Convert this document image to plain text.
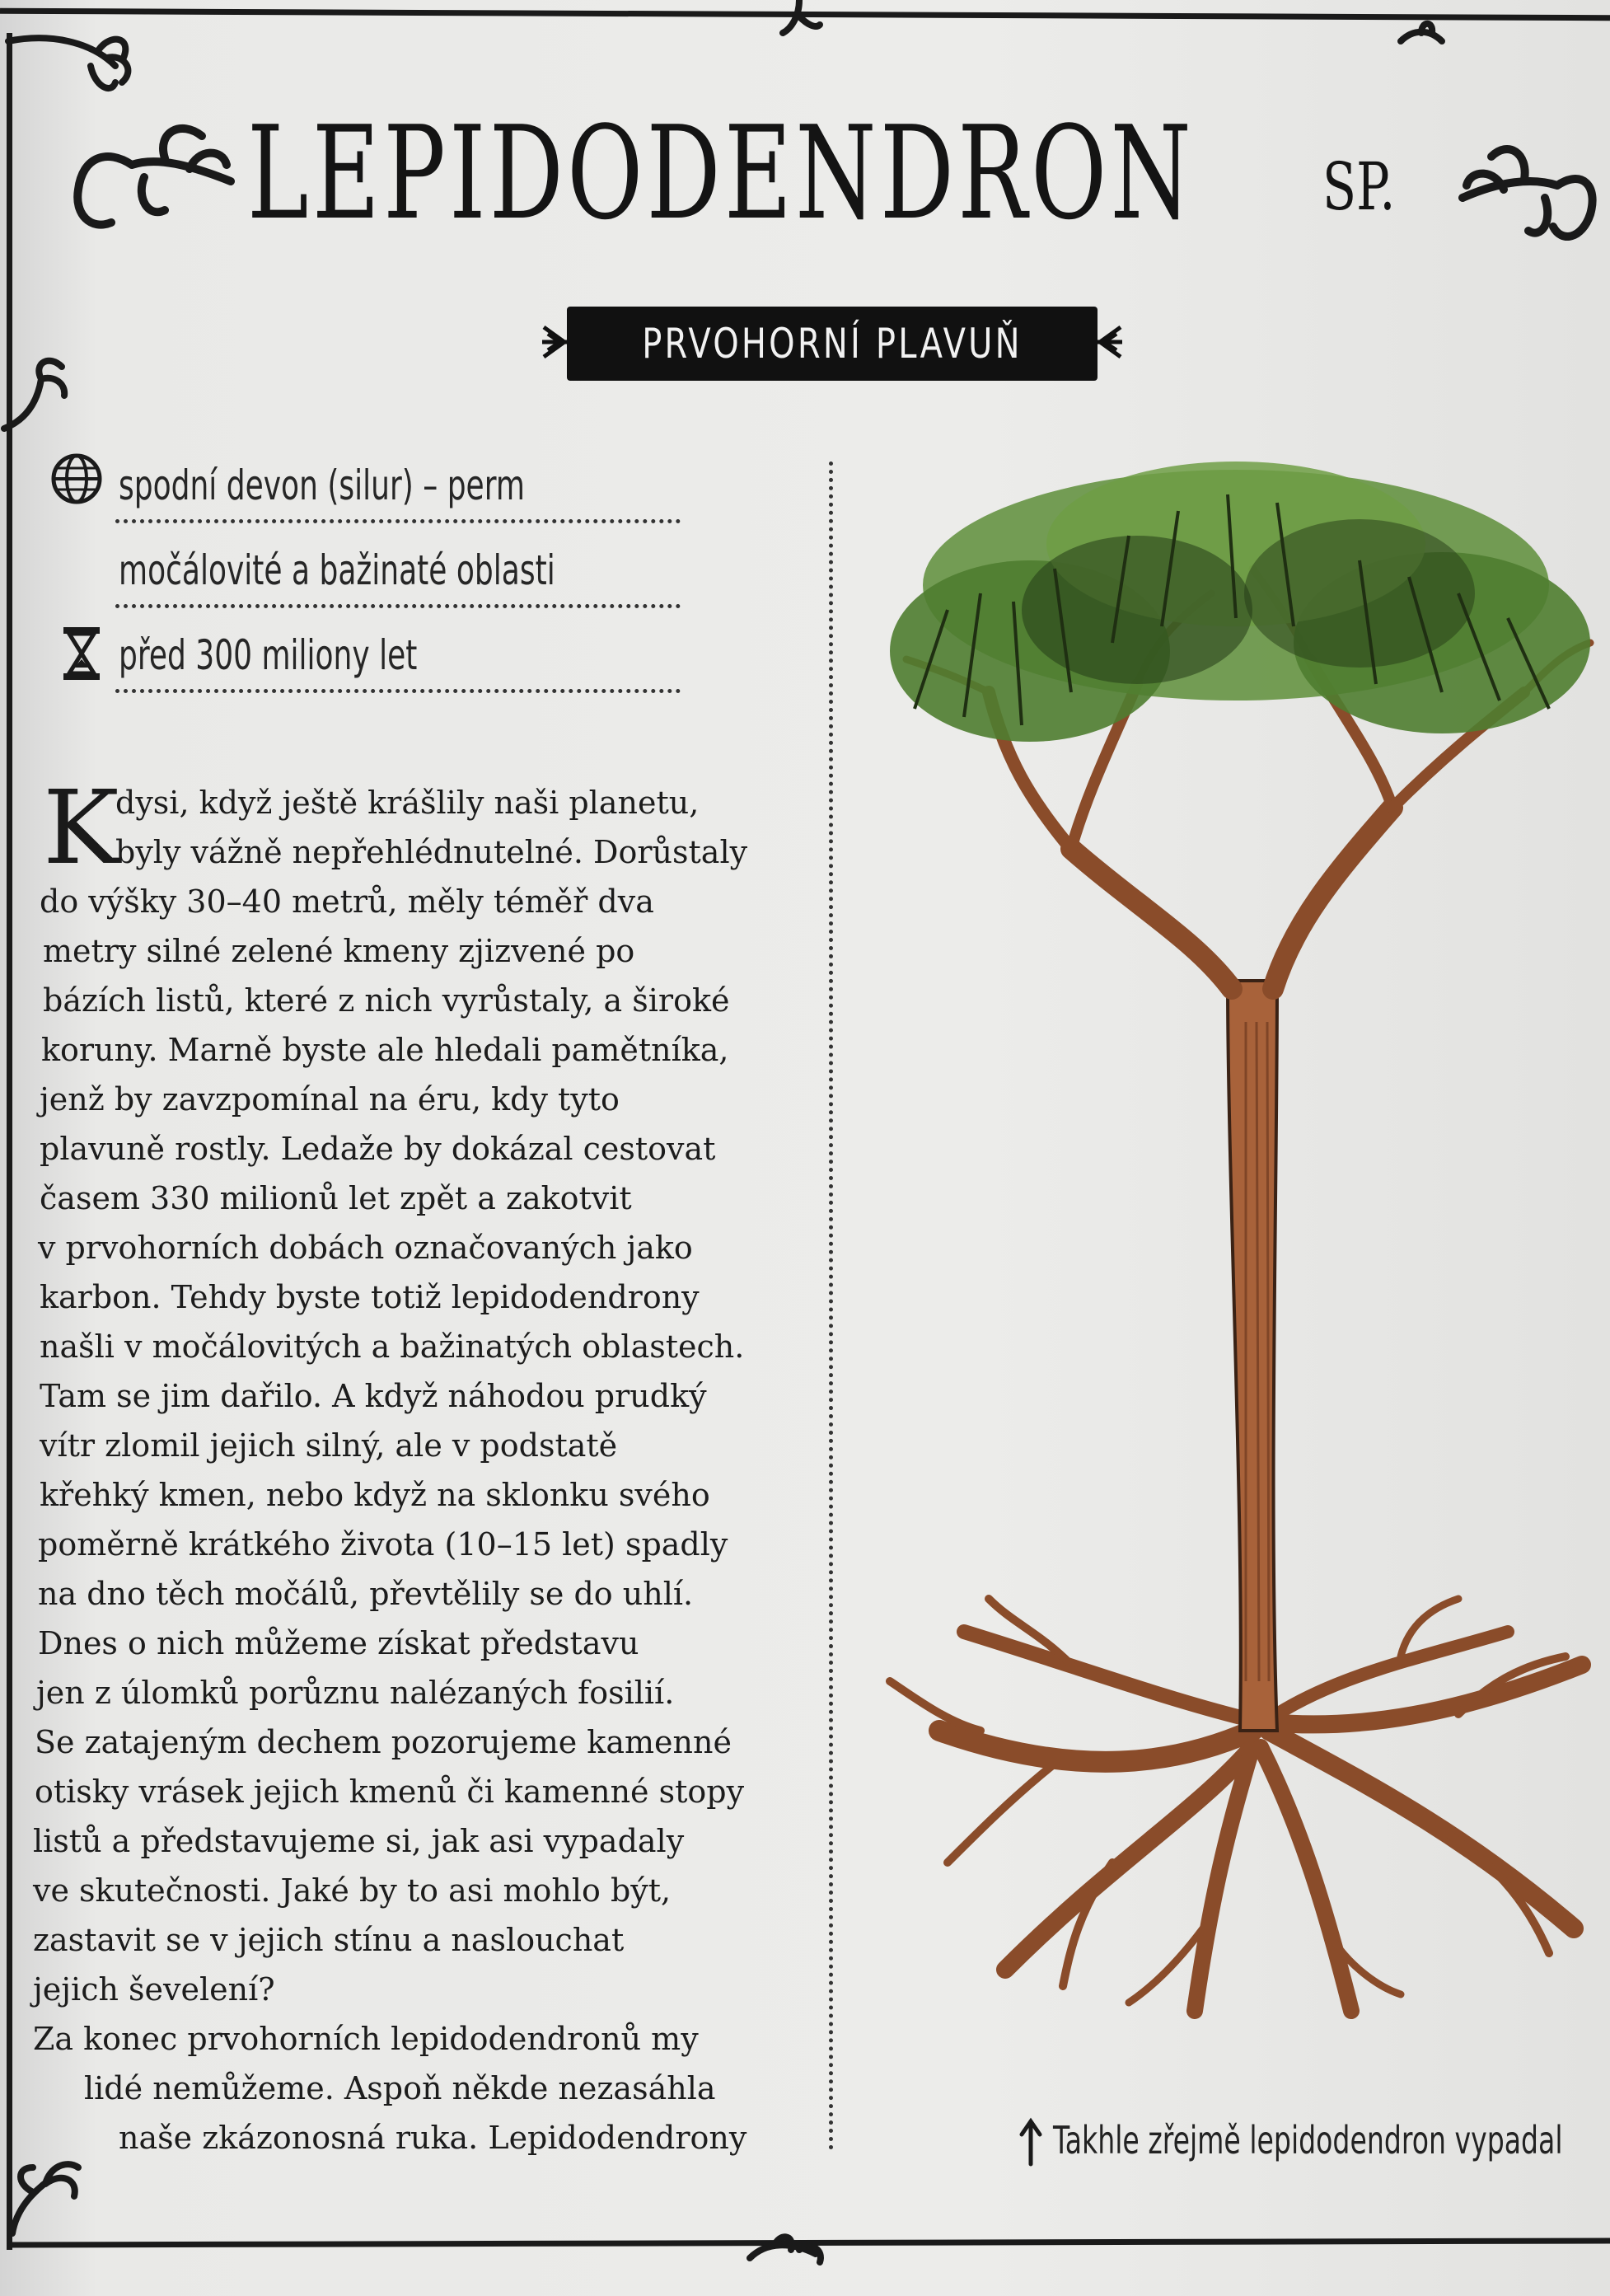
LEPIDODENDRON SP.
PRVOHORNÍ PLAVUŇ
spodní devon (silur) – perm
močálovité a bažinaté oblasti
před 300 miliony let
K
dysi, když ještě krášlily naši planetu,
byly vážně nepřehlédnutelné. Dorůstaly
do výšky 30–40 metrů, měly téměř dva
metry silné zelené kmeny zjizvené po
bázích listů, které z nich vyrůstaly, a široké
koruny. Marně byste ale hledali pamětníka,
jenž by zavzpomínal na éru, kdy tyto
plavuně rostly. Ledaže by dokázal cestovat
časem 330 milionů let zpět a zakotvit
v prvohorních dobách označovaných jako
karbon. Tehdy byste totiž lepidodendrony
našli v močálovitých a bažinatých oblastech.
Tam se jim dařilo. A když náhodou prudký
vítr zlomil jejich silný, ale v podstatě
křehký kmen, nebo když na sklonku svého
poměrně krátkého života (10–15 let) spadly
na dno těch močálů, převtělily se do uhlí.
Dnes o nich můžeme získat představu
jen z úlomků porůznu nalézaných fosilií.
Se zatajeným dechem pozorujeme kamenné
otisky vrásek jejich kmenů či kamenné stopy
listů a představujeme si, jak asi vypadaly
ve skutečnosti. Jaké by to asi mohlo být,
zastavit se v jejich stínu a naslouchat
jejich ševelení?
Za konec prvohorních lepidodendronů my
lidé nemůžeme. Aspoň někde nezasáhla
naše zkázonosná ruka. Lepidodendrony	Takhle zřejmě lepidodendron vypadal
